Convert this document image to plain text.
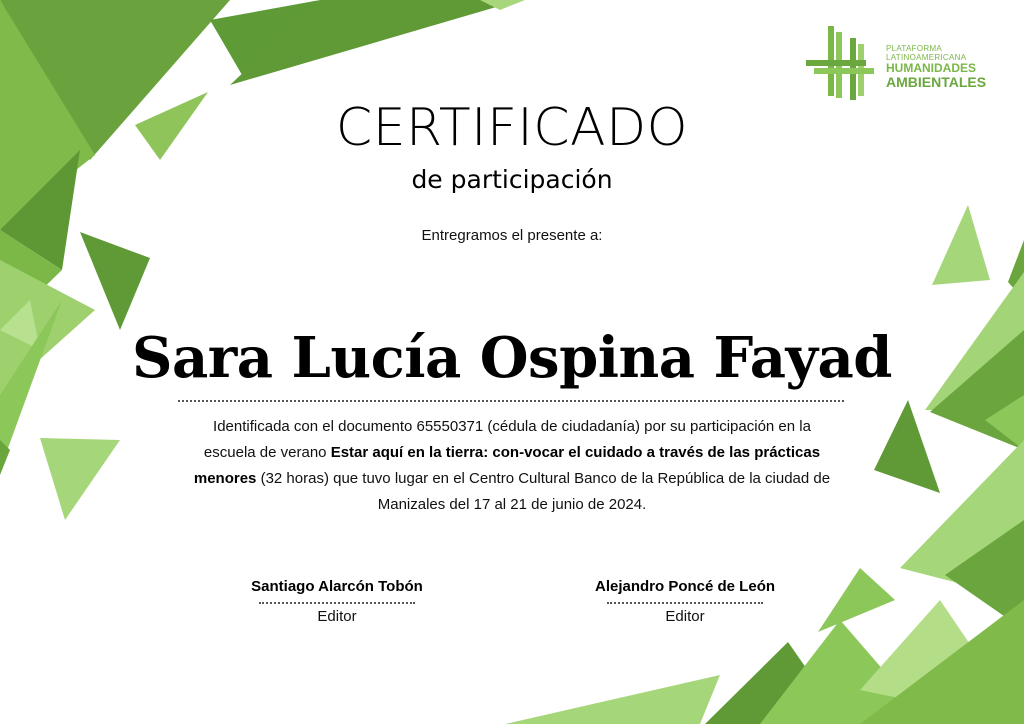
PLATAFORMA
LATINOAMERICANA
HUMANIDADES
AMBIENTALES
CERTIFICADO
de participación
Entregramos el presente a:
Sara Lucía Ospina Fayad
Identificada con el documento 65550371 (cédula de ciudadanía) por su participación en la escuela de verano Estar aquí en la tierra: con-vocar el cuidado a través de las prácticas menores (32 horas) que tuvo lugar en el Centro Cultural Banco de la República de la ciudad de Manizales del 17 al 21 de junio de 2024.
Santiago Alarcón Tobón
Editor
Alejandro Poncé de León
Editor
